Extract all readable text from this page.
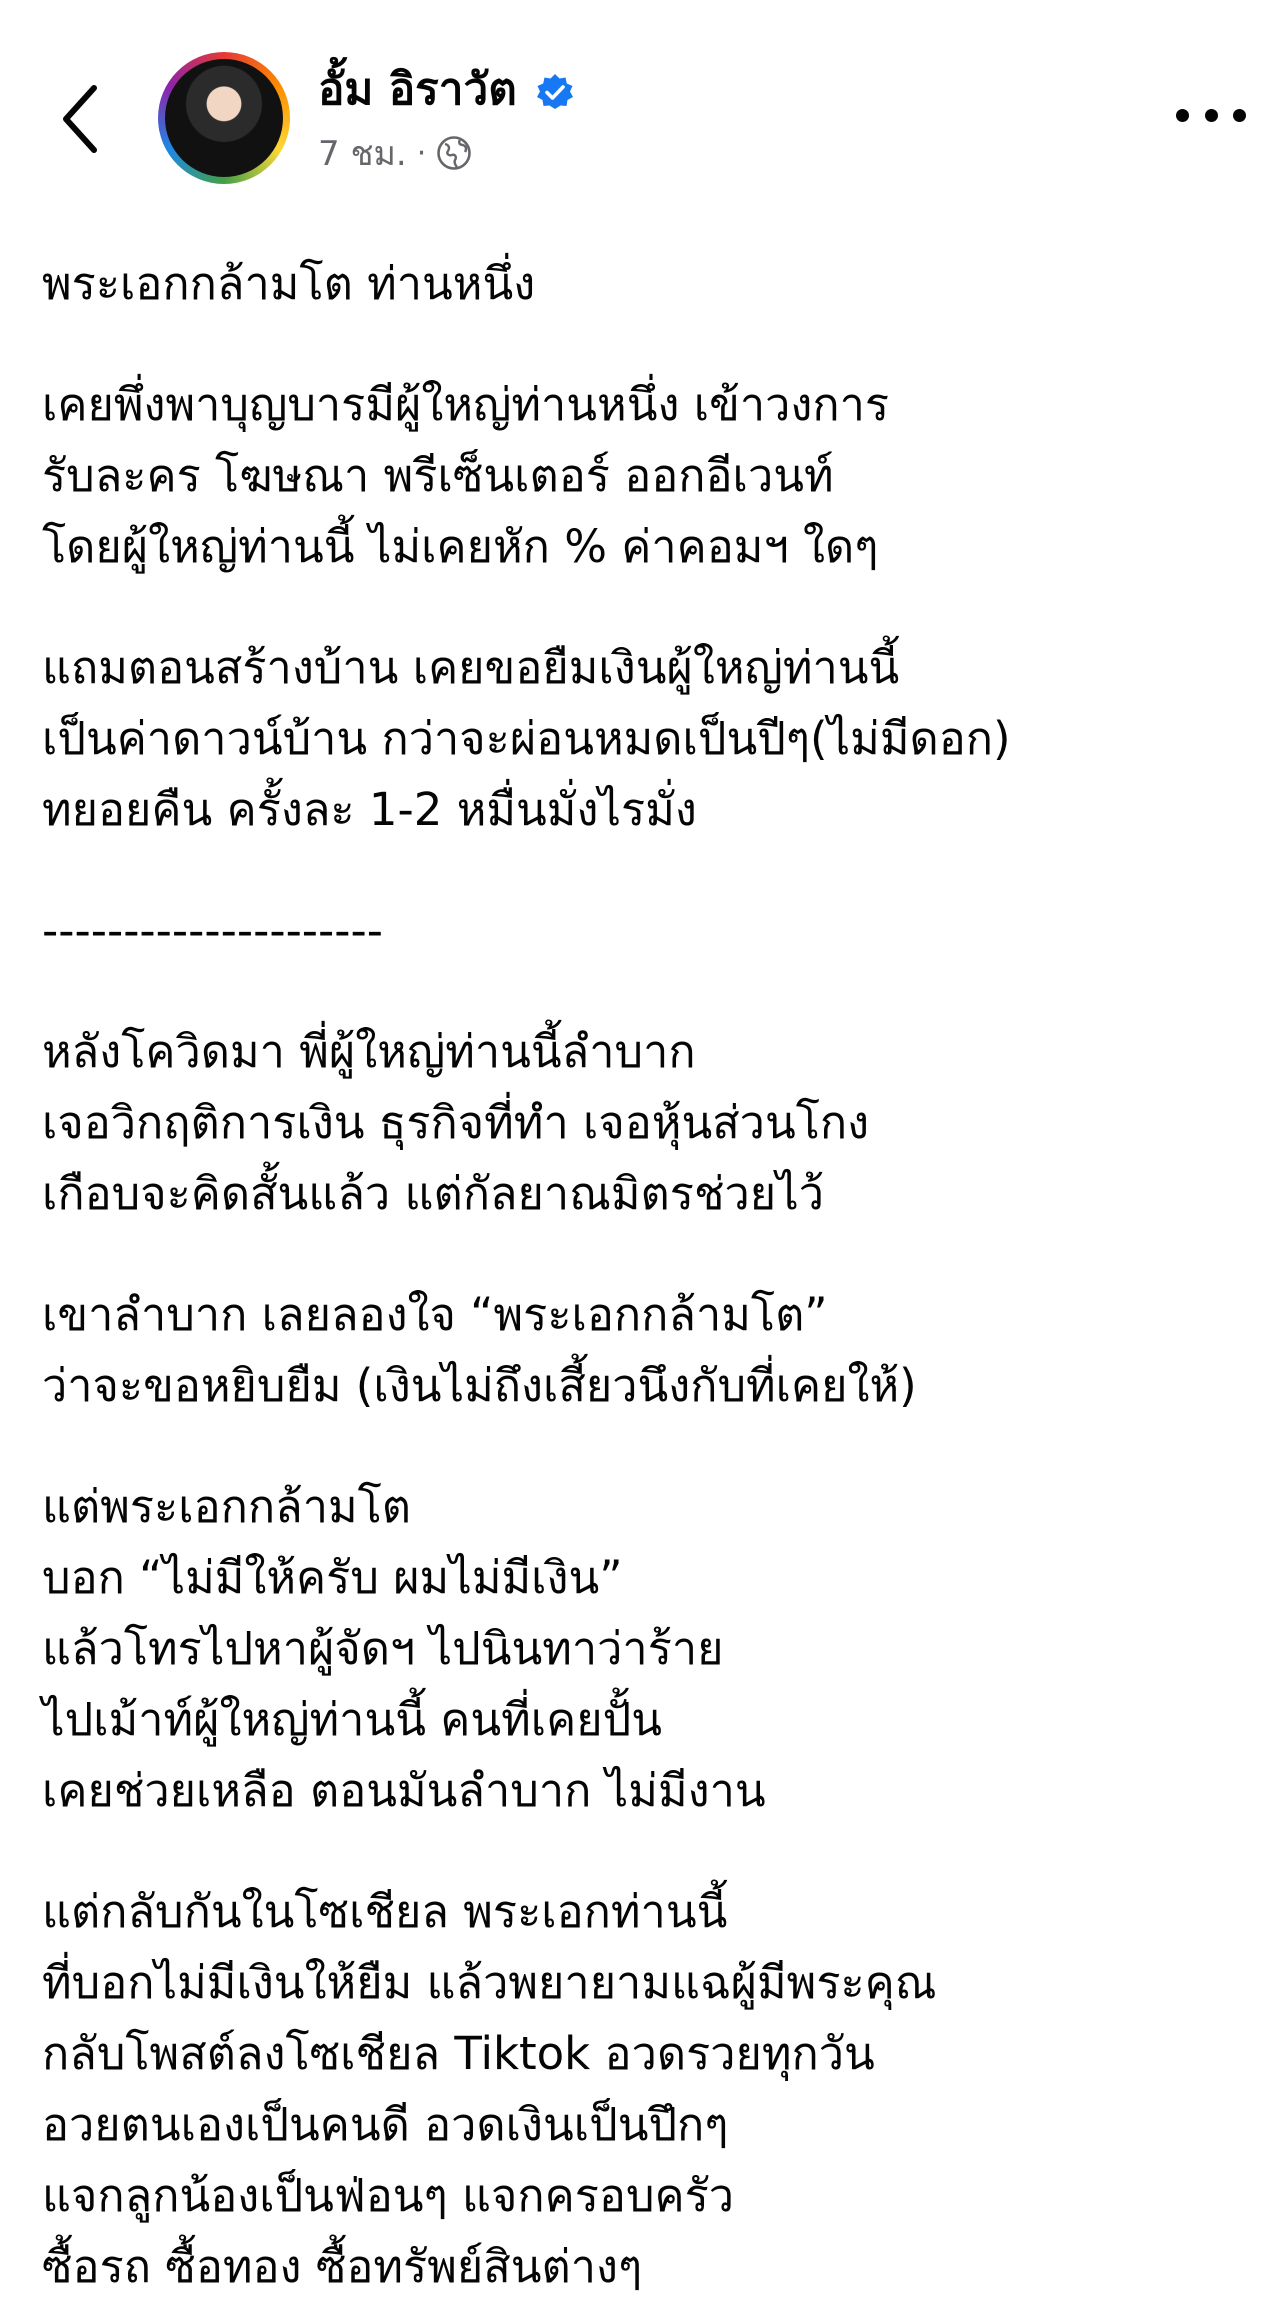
อั้ม อิราวัต
7 ชม. ·
พระเอกกล้ามโต ท่านหนึ่ง
เคยพึ่งพาบุญบารมีผู้ใหญ่ท่านหนึ่ง เข้าวงการ
รับละคร โฆษณา พรีเซ็นเตอร์ ออกอีเวนท์
โดยผู้ใหญ่ท่านนี้ ไม่เคยหัก % ค่าคอมฯ ใดๆ
แถมตอนสร้างบ้าน เคยขอยืมเงินผู้ใหญ่ท่านนี้
เป็นค่าดาวน์บ้าน กว่าจะผ่อนหมดเป็นปีๆ(ไม่มีดอก)
ทยอยคืน ครั้งละ 1-2 หมื่นมั่งไรมั่ง
---------------------
หลังโควิดมา พี่ผู้ใหญ่ท่านนี้ลำบาก
เจอวิกฤติการเงิน ธุรกิจที่ทำ เจอหุ้นส่วนโกง
เกือบจะคิดสั้นแล้ว แต่กัลยาณมิตรช่วยไว้
เขาลำบาก เลยลองใจ “พระเอกกล้ามโต”
ว่าจะขอหยิบยืม (เงินไม่ถึงเสี้ยวนึงกับที่เคยให้)
แต่พระเอกกล้ามโต
บอก “ไม่มีให้ครับ ผมไม่มีเงิน”
แล้วโทรไปหาผู้จัดฯ ไปนินทาว่าร้าย
ไปเม้าท์ผู้ใหญ่ท่านนี้ คนที่เคยปั้น
เคยช่วยเหลือ ตอนมันลำบาก ไม่มีงาน
แต่กลับกันในโซเชียล พระเอกท่านนี้
ที่บอกไม่มีเงินให้ยืม แล้วพยายามแฉผู้มีพระคุณ
กลับโพสต์ลงโซเชียล Tiktok อวดรวยทุกวัน
อวยตนเองเป็นคนดี อวดเงินเป็นปึกๆ
แจกลูกน้องเป็นฟ่อนๆ แจกครอบครัว
ซื้อรถ ซื้อทอง ซื้อทรัพย์สินต่างๆ
